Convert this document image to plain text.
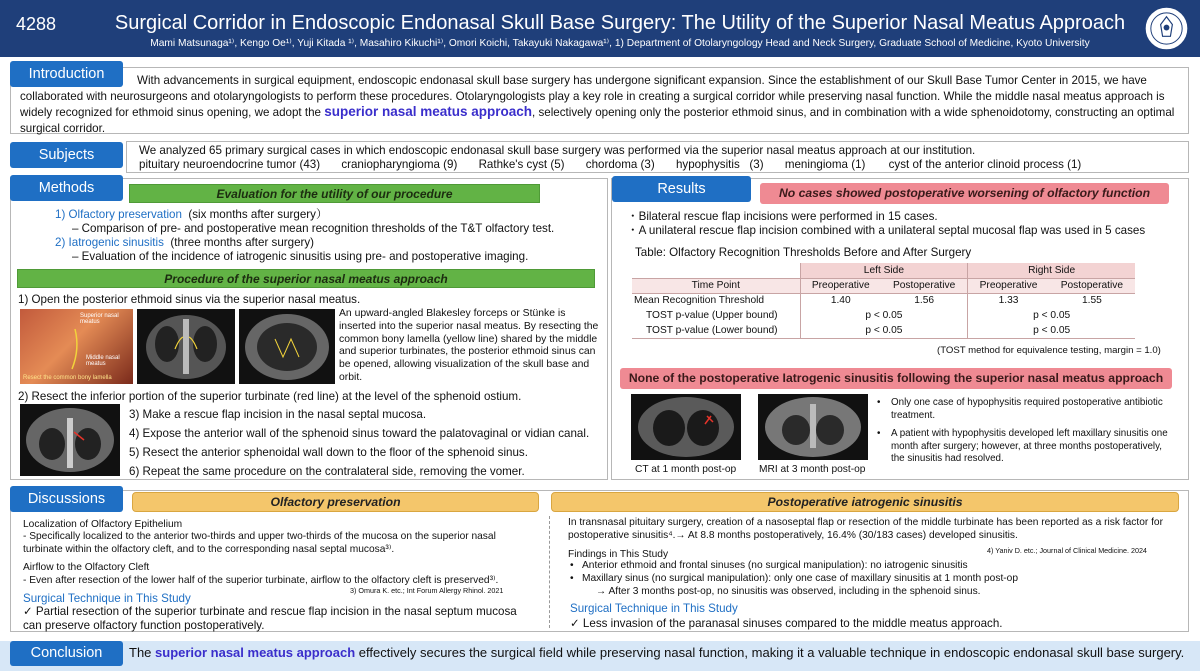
4288	Surgical Corridor in Endoscopic Endonasal Skull Base Surgery: The Utility of the Superior Nasal Meatus Approach
Mami Matsunaga¹⁾, Kengo Oe¹⁾, Yuji Kitada ¹⁾, Masahiro Kikuchi¹⁾, Omori Koichi, Takayuki Nakagawa¹⁾, 1) Department of Otolaryngology Head and Neck Surgery, Graduate School of Medicine, Kyoto University
Introduction	With advancements in surgical equipment, endoscopic endonasal skull base surgery has undergone significant expansion. Since the establishment of our Skull Base Tumor Center in 2015, we have collaborated with neurosurgeons and otolaryngologists to perform these procedures. Otolaryngologists play a key role in creating a surgical corridor while preserving nasal function. While the middle nasal meatus approach is widely recognized for ethmoid sinus opening, we adopt the superior nasal meatus approach, selectively opening only the posterior ethmoid sinus, and in combination with a wide sphenoidotomy, constructing an optimal surgical corridor.
Subjects	We analyzed 65 primary surgical cases in which endoscopic endonasal skull base surgery was performed via the superior nasal meatus approach at our institution.
pituitary neuroendocrine tumor (43) craniopharyngioma (9) Rathke's cyst (5) chordoma (3) hypophysitis   (3) meningioma (1) cyst of the anterior clinoid process (1)
Methods	Evaluation for the utility of our procedure
1) Olfactory preservation (six months after surgery）
– Comparison of pre- and postoperative mean recognition thresholds of the T&T olfactory test.
2) Iatrogenic sinusitis (three months after surgery)
– Evaluation of the incidence of iatrogenic sinusitis using pre- and postoperative imaging.
Procedure of the superior nasal meatus approach
1) Open the posterior ethmoid sinus via the superior nasal meatus.
Superior nasal meatus
Middle nasal meatus
Resect the common bony lamella
An upward-angled Blakesley forceps or Stünke is inserted into the superior nasal meatus. By resecting the common bony lamella (yellow line) shared by the middle and superior turbinates, the posterior ethmoid sinus can be opened, allowing visualization of the skull base and orbit.
2) Resect the inferior portion of the superior turbinate (red line) at the level of the sphenoid ostium.
3) Make a rescue flap incision in the nasal septal mucosa.
4) Expose the anterior wall of the sphenoid sinus toward the palatovaginal or vidian canal.
5) Resect the anterior sphenoidal wall down to the floor of the sphenoid sinus.
6) Repeat the same procedure on the contralateral side, removing the vomer.
Results	No cases showed postoperative worsening of olfactory function
・Bilateral rescue flap incisions were performed in 15 cases.
・A unilateral rescue flap incision combined with a unilateral septal mucosal flap was used in 5 cases
Table: Olfactory Recognition Thresholds Before and After Surgery
	Left Side		Right Side	
Time Point	Preoperative	Postoperative	Preoperative	Postoperative
Mean Recognition Threshold	1.40	1.56	1.33	1.55
TOST p-value (Upper bound)	p < 0.05		p < 0.05	
TOST p-value (Lower bound)	p < 0.05		p < 0.05	
(TOST method for equivalence testing, margin = 1.0)
None of the postoperative Iatrogenic sinusitis following the superior nasal meatus approach
CT at 1 month post-op MRI at 3 month post-op
• Only one case of hypophysitis required postoperative antibiotic treatment.
• A patient with hypophysitis developed left maxillary sinusitis one month after surgery; however, at three months postoperatively, the sinusitis had resolved.
Discussions	Olfactory preservation	Postoperative iatrogenic sinusitis
Localization of Olfactory Epithelium
- Specifically localized to the anterior two-thirds and upper two-thirds of the mucosa on the superior nasal turbinate within the olfactory cleft, and to the corresponding nasal septal mucosa³⁾.
Airflow to the Olfactory Cleft
- Even after resection of the lower half of the superior turbinate, airflow to the olfactory cleft is preserved³⁾.
3) Omura K. etc.; Int Forum Allergy Rhinol. 2021
Surgical Technique in This Study
✓ Partial resection of the superior turbinate and rescue flap incision in the nasal septum mucosa can preserve olfactory function postoperatively.
In transnasal pituitary surgery, creation of a nasoseptal flap or resection of the middle turbinate has been reported as a risk factor for postoperative sinusitis⁴.→ At 8.8 months postoperatively, 16.4% (30/183 cases) developed sinusitis.
4) Yaniv D. etc.; Journal of Clinical Medicine. 2024
Findings in This Study
• Anterior ethmoid and frontal sinuses (no surgical manipulation): no iatrogenic sinusitis
• Maxillary sinus (no surgical manipulation): only one case of maxillary sinusitis at 1 month post-op
→ After 3 months post-op, no sinusitis was observed, including in the sphenoid sinus.
Surgical Technique in This Study
✓ Less invasion of the paranasal sinuses compared to the middle meatus approach.
Conclusion	The superior nasal meatus approach effectively secures the surgical field while preserving nasal function, making it a valuable technique in endoscopic endonasal skull base surgery.
